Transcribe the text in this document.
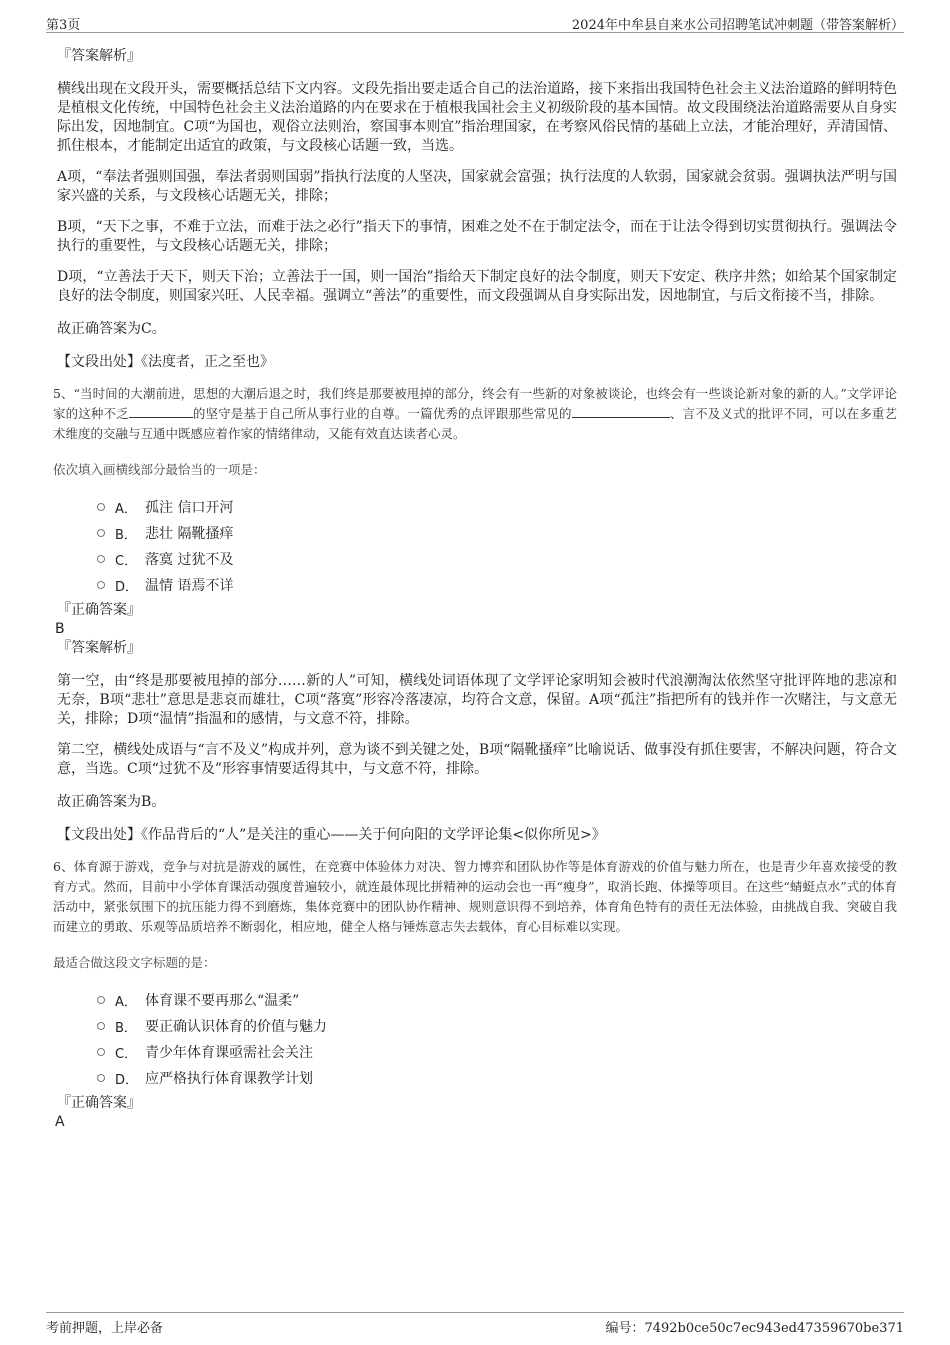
第3页	2024年中牟县自来水公司招聘笔试冲刺题（带答案解析）

『答案解析』

横线出现在文段开头，需要概括总结下文内容。文段先指出要走适合自己的法治道路，接下来指出我国特色社会主义法治道路的鲜明特色是植根文化传统，中国特色社会主义法治道路的内在要求在于植根我国社会主义初级阶段的基本国情。故文段围绕法治道路需要从自身实际出发，因地制宜。C项“为国也，观俗立法则治，察国事本则宜”指治理国家，在考察风俗民情的基础上立法，才能治理好，弄清国情、抓住根本，才能制定出适宜的政策，与文段核心话题一致，当选。

A项，“奉法者强则国强，奉法者弱则国弱”指执行法度的人坚决，国家就会富强；执行法度的人软弱，国家就会贫弱。强调执法严明与国家兴盛的关系，与文段核心话题无关，排除；

B项，“天下之事，不难于立法，而难于法之必行”指天下的事情，困难之处不在于制定法令，而在于让法令得到切实贯彻执行。强调法令执行的重要性，与文段核心话题无关，排除；

D项，“立善法于天下，则天下治；立善法于一国，则一国治”指给天下制定良好的法令制度，则天下安定、秩序井然；如给某个国家制定良好的法令制度，则国家兴旺、人民幸福。强调立“善法”的重要性，而文段强调从自身实际出发，因地制宜，与后文衔接不当，排除。

故正确答案为C。

【文段出处】《法度者，正之至也》

5、“当时间的大潮前进，思想的大潮后退之时，我们终是那要被甩掉的部分，终会有一些新的对象被谈论，也终会有一些谈论新对象的新的人。”文学评论家的这种不乏	的坚守是基于自己所从事行业的自尊。一篇优秀的点评跟那些常见的	、言不及义式的批评不同，可以在多重艺术维度的交融与互通中既感应着作家的情绪律动，又能有效直达读者心灵。

依次填入画横线部分最恰当的一项是：

A． 孤注 信口开河
B． 悲壮 隔靴搔痒
C． 落寞 过犹不及
D． 温情 语焉不详

『正确答案』

B

『答案解析』

第一空，由“终是那要被甩掉的部分……新的人”可知，横线处词语体现了文学评论家明知会被时代浪潮淘汰依然坚守批评阵地的悲凉和无奈，B项“悲壮”意思是悲哀而雄壮，C项“落寞”形容冷落凄凉，均符合文意，保留。A项“孤注”指把所有的钱并作一次赌注，与文意无关，排除；D项“温情”指温和的感情，与文意不符，排除。

第二空，横线处成语与“言不及义”构成并列，意为谈不到关键之处，B项“隔靴搔痒”比喻说话、做事没有抓住要害，不解决问题，符合文意，当选。C项“过犹不及”形容事情要适得其中，与文意不符，排除。

故正确答案为B。

【文段出处】《作品背后的“人”是关注的重心——关于何向阳的文学评论集<似你所见>》

6、体育源于游戏，竞争与对抗是游戏的属性，在竞赛中体验体力对决、智力博弈和团队协作等是体育游戏的价值与魅力所在，也是青少年喜欢接受的教育方式。然而，目前中小学体育课活动强度普遍较小，就连最体现比拼精神的运动会也一再“瘦身”，取消长跑、体操等项目。在这些“蜻蜓点水”式的体育活动中，紧张氛围下的抗压能力得不到磨炼，集体竞赛中的团队协作精神、规则意识得不到培养，体育角色特有的责任无法体验，由挑战自我、突破自我而建立的勇敢、乐观等品质培养不断弱化，相应地，健全人格与锤炼意志失去载体，育心目标难以实现。

最适合做这段文字标题的是：

A． 体育课不要再那么“温柔”
B． 要正确认识体育的价值与魅力
C． 青少年体育课亟需社会关注
D． 应严格执行体育课教学计划

『正确答案』

A

考前押题，上岸必备	编号：7492b0ce50c7ec943ed47359670be371
